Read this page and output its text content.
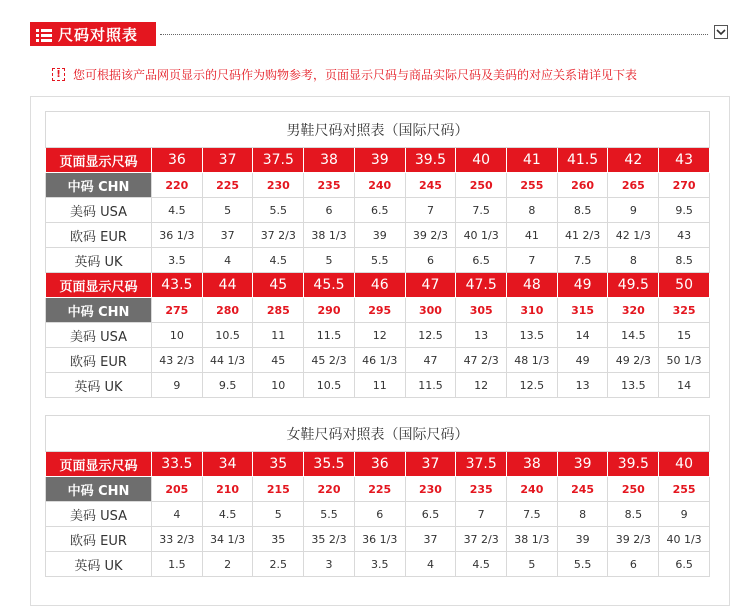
尺码对照表
!	您可根据该产品网页显示的尺码作为购物参考，页面显示尺码与商品实际尺码及美码的对应关系请详见下表
男鞋尺码对照表（国际尺码）											
页面显示尺码	36	37	37.5	38	39	39.5	40	41	41.5	42	43
中码 CHN	220	225	230	235	240	245	250	255	260	265	270
美码 USA	4.5	5	5.5	6	6.5	7	7.5	8	8.5	9	9.5
欧码 EUR	36 1/3	37	37 2/3	38 1/3	39	39 2/3	40 1/3	41	41 2/3	42 1/3	43
英码 UK	3.5	4	4.5	5	5.5	6	6.5	7	7.5	8	8.5
页面显示尺码	43.5	44	45	45.5	46	47	47.5	48	49	49.5	50
中码 CHN	275	280	285	290	295	300	305	310	315	320	325
美码 USA	10	10.5	11	11.5	12	12.5	13	13.5	14	14.5	15
欧码 EUR	43 2/3	44 1/3	45	45 2/3	46 1/3	47	47 2/3	48 1/3	49	49 2/3	50 1/3
英码 UK	9	9.5	10	10.5	11	11.5	12	12.5	13	13.5	14
女鞋尺码对照表（国际尺码）											
页面显示尺码	33.5	34	35	35.5	36	37	37.5	38	39	39.5	40
中码 CHN	205	210	215	220	225	230	235	240	245	250	255
美码 USA	4	4.5	5	5.5	6	6.5	7	7.5	8	8.5	9
欧码 EUR	33 2/3	34 1/3	35	35 2/3	36 1/3	37	37 2/3	38 1/3	39	39 2/3	40 1/3
英码 UK	1.5	2	2.5	3	3.5	4	4.5	5	5.5	6	6.5
